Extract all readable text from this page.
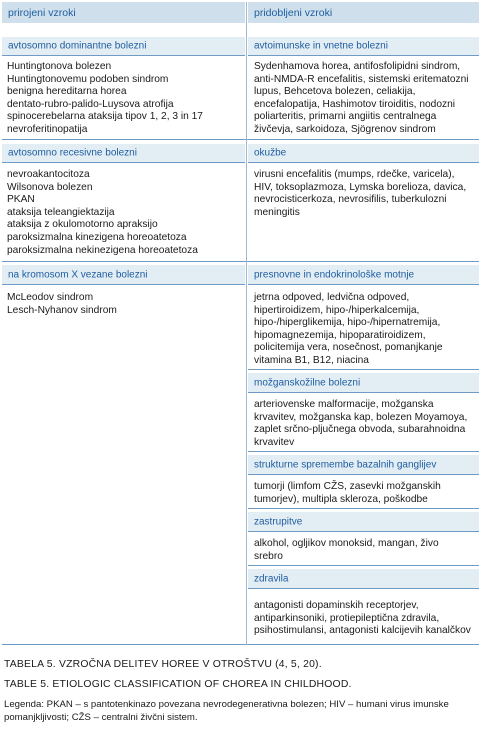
prirojeni vzroki	pridobljeni vzroki
avtosomno dominantne bolezni
Huntingtonova bolezen
Huntingtonovemu podoben sindrom
benigna hereditarna horea
dentato-rubro-palido-Luysova atrofija
spinocerebelarna ataksija tipov 1, 2, 3 in 17
nevroferitinopatija
avtosomno recesivne bolezni
nevroakantocitoza
Wilsonova bolezen
PKAN
ataksija teleangiektazija
ataksija z okulomotorno apraksijo
paroksizmalna kinezigena horeoatetoza
paroksizmalna nekinezigena horeoatetoza
na kromosom X vezane bolezni
McLeodov sindrom
Lesch-Nyhanov sindrom
avtoimunske in vnetne bolezni
Sydenhamova horea, antifosfolipidni sindrom,
anti-NMDA-R encefalitis, sistemski eritematozni
lupus, Behcetova bolezen, celiakija,
encefalopatija, Hashimotov tiroiditis, nodozni
poliarteritis, primarni angiitis centralnega
živčevja, sarkoidoza, Sjögrenov sindrom
okužbe
virusni encefalitis (mumps, rdečke, varicela),
HIV, toksoplazmoza, Lymska borelioza, davica,
nevrocisticerkoza, nevrosifilis, tuberkulozni
meningitis
presnovne in endokrinološke motnje
jetrna odpoved, ledvična odpoved,
hipertiroidizem, hipo-/hiperkalcemija,
hipo-/hiperglikemija, hipo-/hipernatremija,
hipomagnezemija, hipoparatiroidizem,
policitemija vera, nosečnost, pomanjkanje
vitamina B1, B12, niacina
možganskožilne bolezni
arteriovenske malformacije, možganska
krvavitev, možganska kap, bolezen Moyamoya,
zaplet srčno-pljučnega obvoda, subarahnoidna
krvavitev
strukturne spremembe bazalnih ganglijev
tumorji (limfom CŽS, zasevki možganskih
tumorjev), multipla skleroza, poškodbe
zastrupitve
alkohol, ogljikov monoksid, mangan, živo
srebro
zdravila
antagonisti dopaminskih receptorjev,
antiparkinsoniki, protiepileptična zdravila,
psihostimulansi, antagonisti kalcijevih kanalčkov
TABELA 5. VZROČNA DELITEV HOREE V OTROŠTVU (4, 5, 20).
TABLE 5. ETIOLOGIC CLASSIFICATION OF CHOREA IN CHILDHOOD.
Legenda: PKAN – s pantotenkinazo povezana nevrodegenerativna bolezen; HIV – humani virus imunske
pomanjkljivosti; CŽS – centralni živčni sistem.
